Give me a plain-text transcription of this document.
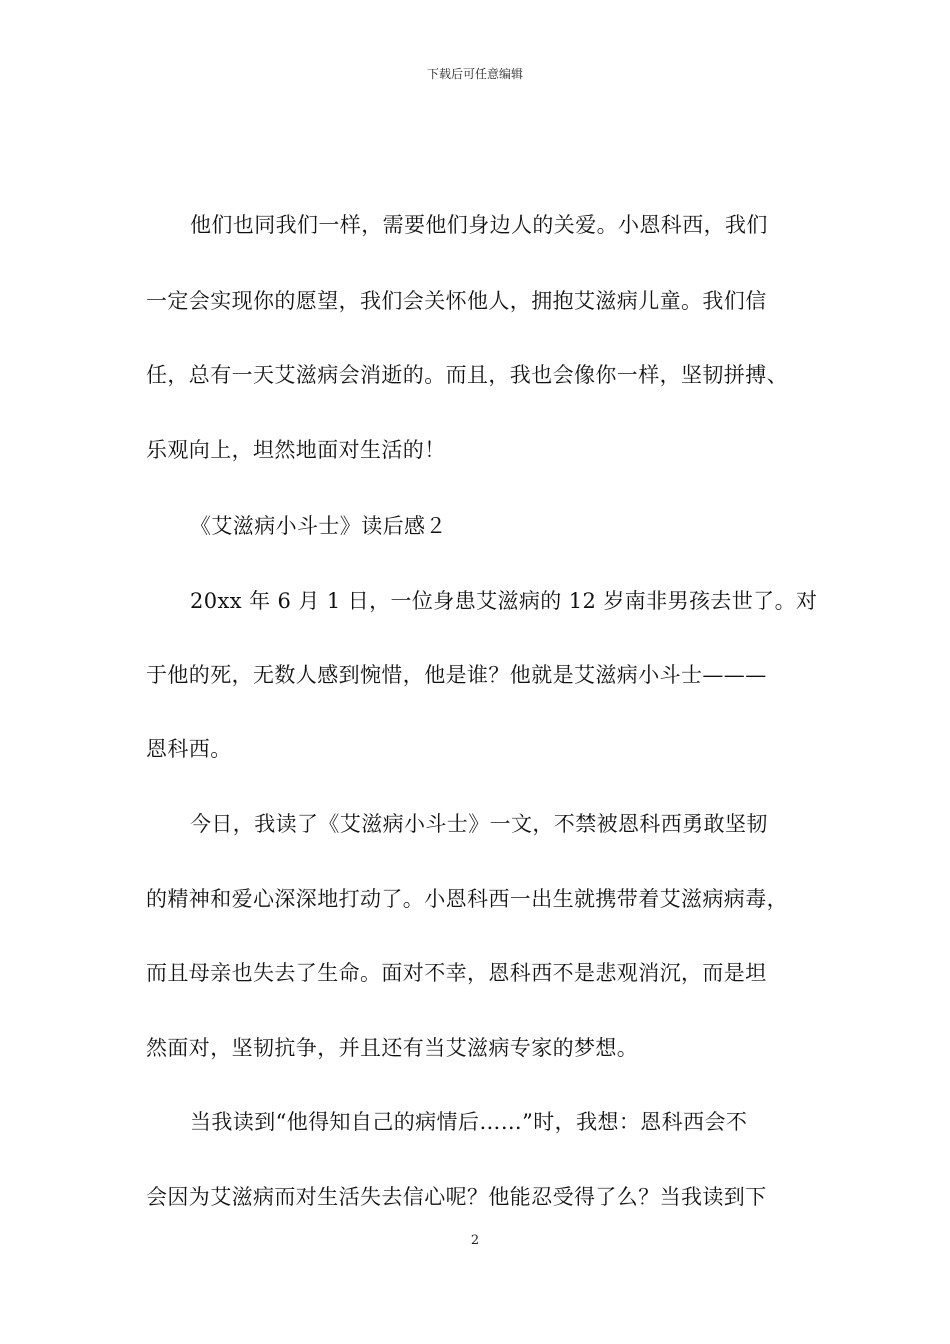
下载后可任意编辑
他们也同我们一样，需要他们身边人的关爱。小恩科西，我们
一定会实现你的愿望，我们会关怀他人，拥抱艾滋病儿童。我们信
任，总有一天艾滋病会消逝的。而且，我也会像你一样，坚韧拼搏、
乐观向上，坦然地面对生活的！
《艾滋病小斗士》读后感２
20xx 年 6 月 1 日，一位身患艾滋病的 12 岁南非男孩去世了。对
于他的死，无数人感到惋惜，他是谁？他就是艾滋病小斗士———
恩科西。
今日，我读了《艾滋病小斗士》一文，不禁被恩科西勇敢坚韧
的精神和爱心深深地打动了。小恩科西一出生就携带着艾滋病病毒，
而且母亲也失去了生命。面对不幸，恩科西不是悲观消沉，而是坦
然面对，坚韧抗争，并且还有当艾滋病专家的梦想。
当我读到“他得知自己的病情后……”时，我想：恩科西会不
会因为艾滋病而对生活失去信心呢？他能忍受得了么？当我读到下
2
